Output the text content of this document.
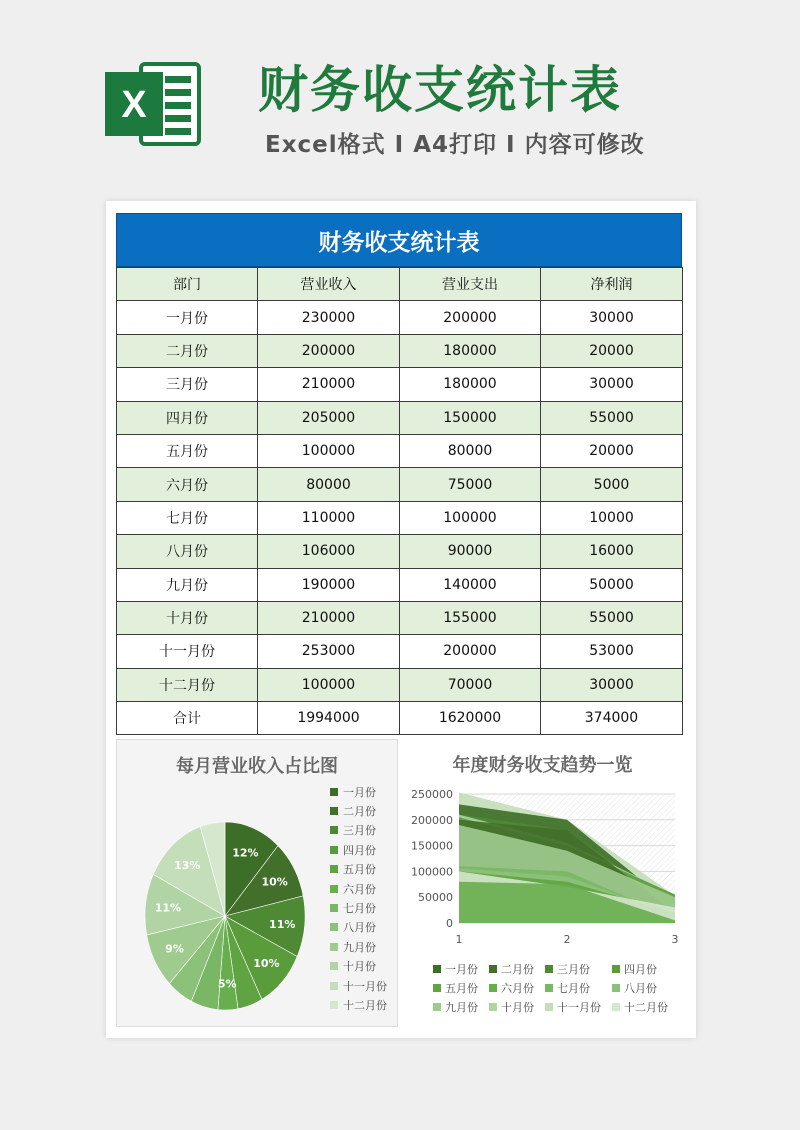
X 财务收支统计表
Excel格式 I A4打印 I 内容可修改
财务收支统计表
部门	营业收入	营业支出	净利润
一月份	230000	200000	30000
二月份	200000	180000	20000
三月份	210000	180000	30000
四月份	205000	150000	55000
五月份	100000	80000	20000
六月份	80000	75000	5000
七月份	110000	100000	10000
八月份	106000	90000	16000
九月份	190000	140000	50000
十月份	210000	155000	55000
十一月份	253000	200000	53000
十二月份	100000	70000	30000
合计	1994000	1620000	374000
每月营业收入占比图
12%
10%
11%
10%
5%
9%
11%
13%
一月份
二月份
三月份
四月份
五月份
六月份
七月份
八月份
九月份
十月份
十一月份
十二月份
年度财务收支趋势一览
0
50000
100000
150000
200000
250000
1	2	3
一月份 二月份 三月份	四月份
五月份 六月份 七月份	八月份
九月份 十月份 十一月份 十二月份
